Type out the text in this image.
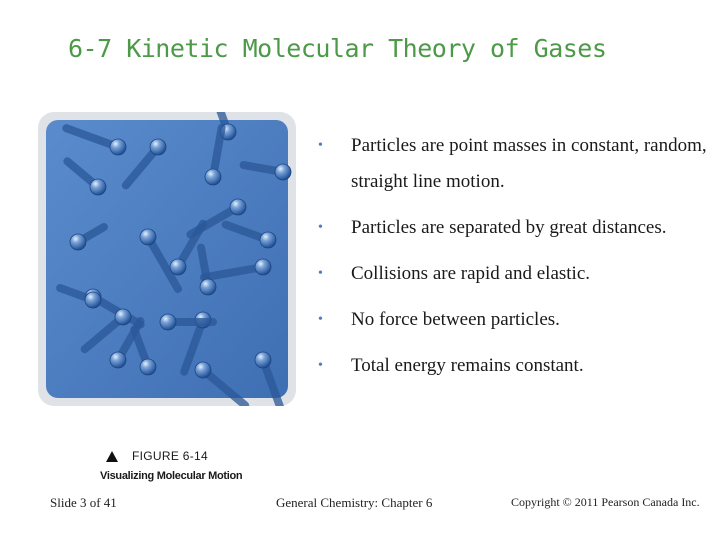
6-7 Kinetic Molecular Theory of Gases
• Particles are point masses in constant, random, straight line motion.
• Particles are separated by great distances.
• Collisions are rapid and elastic.
• No force between particles.
• Total energy remains constant.
FIGURE 6-14
Visualizing Molecular Motion
Slide 3 of 41	General Chemistry: Chapter 6	Copyright © 2011 Pearson Canada Inc.
